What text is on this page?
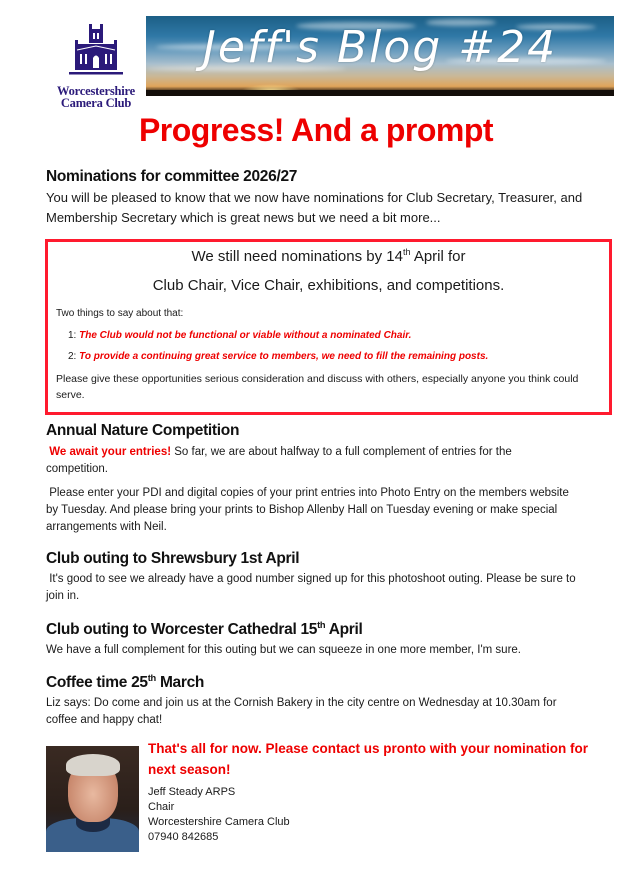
Worcestershire
Camera Club
Jeff's Blog #24
Progress! And a prompt
Nominations for committee 2026/27
You will be pleased to know that we now have nominations for Club Secretary, Treasurer, and Membership Secretary which is great news but we need a bit more...
We still need nominations by 14th April for
Club Chair, Vice Chair, exhibitions, and competitions.
Two things to say about that:
1: The Club would not be functional or viable without a nominated Chair.
2: To provide a continuing great service to members, we need to fill the remaining posts.
Please give these opportunities serious consideration and discuss with others, especially anyone you think could serve.
Annual Nature Competition
We await your entries! So far, we are about halfway to a full complement of entries for the competition.
Please enter your PDI and digital copies of your print entries into Photo Entry on the members website by Tuesday. And please bring your prints to Bishop Allenby Hall on Tuesday evening or make special arrangements with Neil.
Club outing to Shrewsbury 1st April
It's good to see we already have a good number signed up for this photoshoot outing. Please be sure to join in.
Club outing to Worcester Cathedral 15th April
We have a full complement for this outing but we can squeeze in one more member, I'm sure.
Coffee time 25th March
Liz says: Do come and join us at the Cornish Bakery in the city centre on Wednesday at 10.30am for coffee and happy chat!
That's all for now. Please contact us pronto with your nomination for next season!
Jeff Steady ARPS
Chair
Worcestershire Camera Club
07940 842685
